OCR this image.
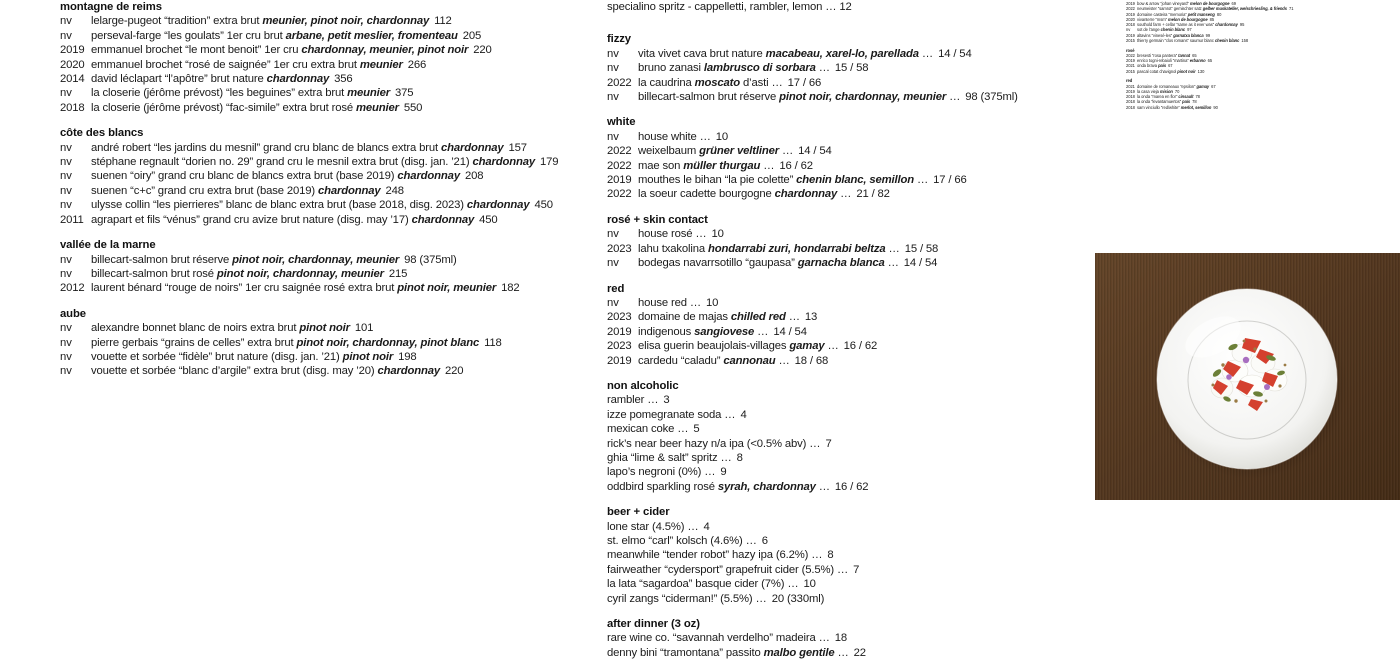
montagne de reims
nv lelarge-pugeot “tradition” extra brut meunier, pinot noir, chardonnay 112
nv perseval-farge “les goulats” 1er cru brut arbane, petit meslier, fromenteau 205
2019 emmanuel brochet “le mont benoit” 1er cru chardonnay, meunier, pinot noir 220
2020 emmanuel brochet “rosé de saignée” 1er cru extra brut meunier 266
2014 david léclapart “l’apôtre” brut nature chardonnay 356
nv la closerie (jérôme prévost) “les beguines” extra brut meunier 375
2018 la closerie (jérôme prévost) “fac-simile” extra brut rosé meunier 550
côte des blancs
nv andré robert “les jardins du mesnil” grand cru blanc de blancs extra brut chardonnay 157
nv stéphane regnault “dorien no. 29” grand cru le mesnil extra brut (disg. jan. ’21) chardonnay 179
nv suenen “oiry” grand cru blanc de blancs extra brut (base 2019) chardonnay 208
nv suenen “c+c” grand cru extra brut (base 2019) chardonnay 248
nv ulysse collin “les pierrieres” blanc de blanc extra brut (base 2018, disg. 2023) chardonnay 450
2011 agrapart et fils “vénus” grand cru avize brut nature (disg. may ’17) chardonnay 450
vallée de la marne
nv billecart-salmon brut réserve pinot noir, chardonnay, meunier 98 (375ml)
nv billecart-salmon brut rosé pinot noir, chardonnay, meunier 215
2012 laurent bénard “rouge de noirs” 1er cru saignée rosé extra brut pinot noir, meunier 182
aube
nv alexandre bonnet blanc de noirs extra brut pinot noir 101
nv pierre gerbais “grains de celles” extra brut pinot noir, chardonnay, pinot blanc 118
nv vouette et sorbée “fidèle” brut nature (disg. jan. ’21) pinot noir 198
nv vouette et sorbée “blanc d’argile” extra brut (disg. may ’20) chardonnay 220
specialino spritz - cappelletti, rambler, lemon … 12
fizzy
nv vita vivet cava brut nature macabeau, xarel-lo, parellada … 14 / 54
nv bruno zanasi lambrusco di sorbara … 15 / 58
2022 la caudrina moscato d’asti … 17 / 66
nv billecart-salmon brut réserve pinot noir, chardonnay, meunier … 98 (375ml)
white
nv house white … 10
2022 weixelbaum grüner veltliner … 14 / 54
2022 mae son müller thurgau … 16 / 62
2019 mouthes le bihan “la pie colette” chenin blanc, semillon … 17 / 66
2022 la soeur cadette bourgogne chardonnay … 21 / 82
rosé + skin contact
nv house rosé … 10
2023 lahu txakolina hondarrabi zuri, hondarrabi beltza … 15 / 58
nv bodegas navarrsotillo “gaupasa” garnacha blanca … 14 / 54
red
nv house red … 10
2023 domaine de majas chilled red … 13
2019 indigenous sangiovese … 14 / 54
2023 elisa guerin beaujolais-villages gamay … 16 / 62
2019 cardedu “caladu” cannonau … 18 / 68
non alcoholic
rambler … 3
izze pomegranate soda … 4
mexican coke … 5
rick’s near beer hazy n/a ipa (<0.5% abv) … 7
ghia “lime & salt” spritz … 8
lapo’s negroni (0%) … 9
oddbird sparkling rosé syrah, chardonnay … 16 / 62
beer + cider
lone star (4.5%) … 4
st. elmo “carl” kolsch (4.6%) … 6
meanwhile “tender robot” hazy ipa (6.2%) … 8
fairweather “cydersport” grapefruit cider (5.5%) … 7
la lata “sagardoa” basque cider (7%) … 10
cyril zangs “ciderman!” (5.5%) … 20 (330ml)
after dinner (3 oz)
rare wine co. “savannah verdelho” madeira … 18
denny bini “tramontana” passito malbo gentile … 22
2019 bow & arrow “johan vineyard” melon de bourgogne 69
2022 neumeister “samrot” gemischter satz gelber muskateller, welschriesling, & friends 71
2019 domaine casteira “memoria” petit manseng 80
2020 vivanterre “msm” melon de bourgogne 85
2018 southold farm + cellar “same as it ever was” chardonnay 95
nv sot de l’ange chenin blanc 97
2019 altavins “vinesé-les” garnatxa blanca 99
2015 thierry germain “clos romans” saumur blanc chenin blanc 158
rosé
2022 bresesti “rosa pantera” tannat 65
2019 enrico togni-rebaioli “martina” erbanno 65
2021 onda brava país 67
2015 pascal cotat chavignol pinot noir 130
red
2021 domaine de romaneaux “epsilon” gamay 67
2019 la casa vieja mision 70
2018 la onda “marea en flor” cinsault 78
2018 la onda “levantamuertos” país 78
2018 sam vinciullo “red/white” merlot, semillon 90
